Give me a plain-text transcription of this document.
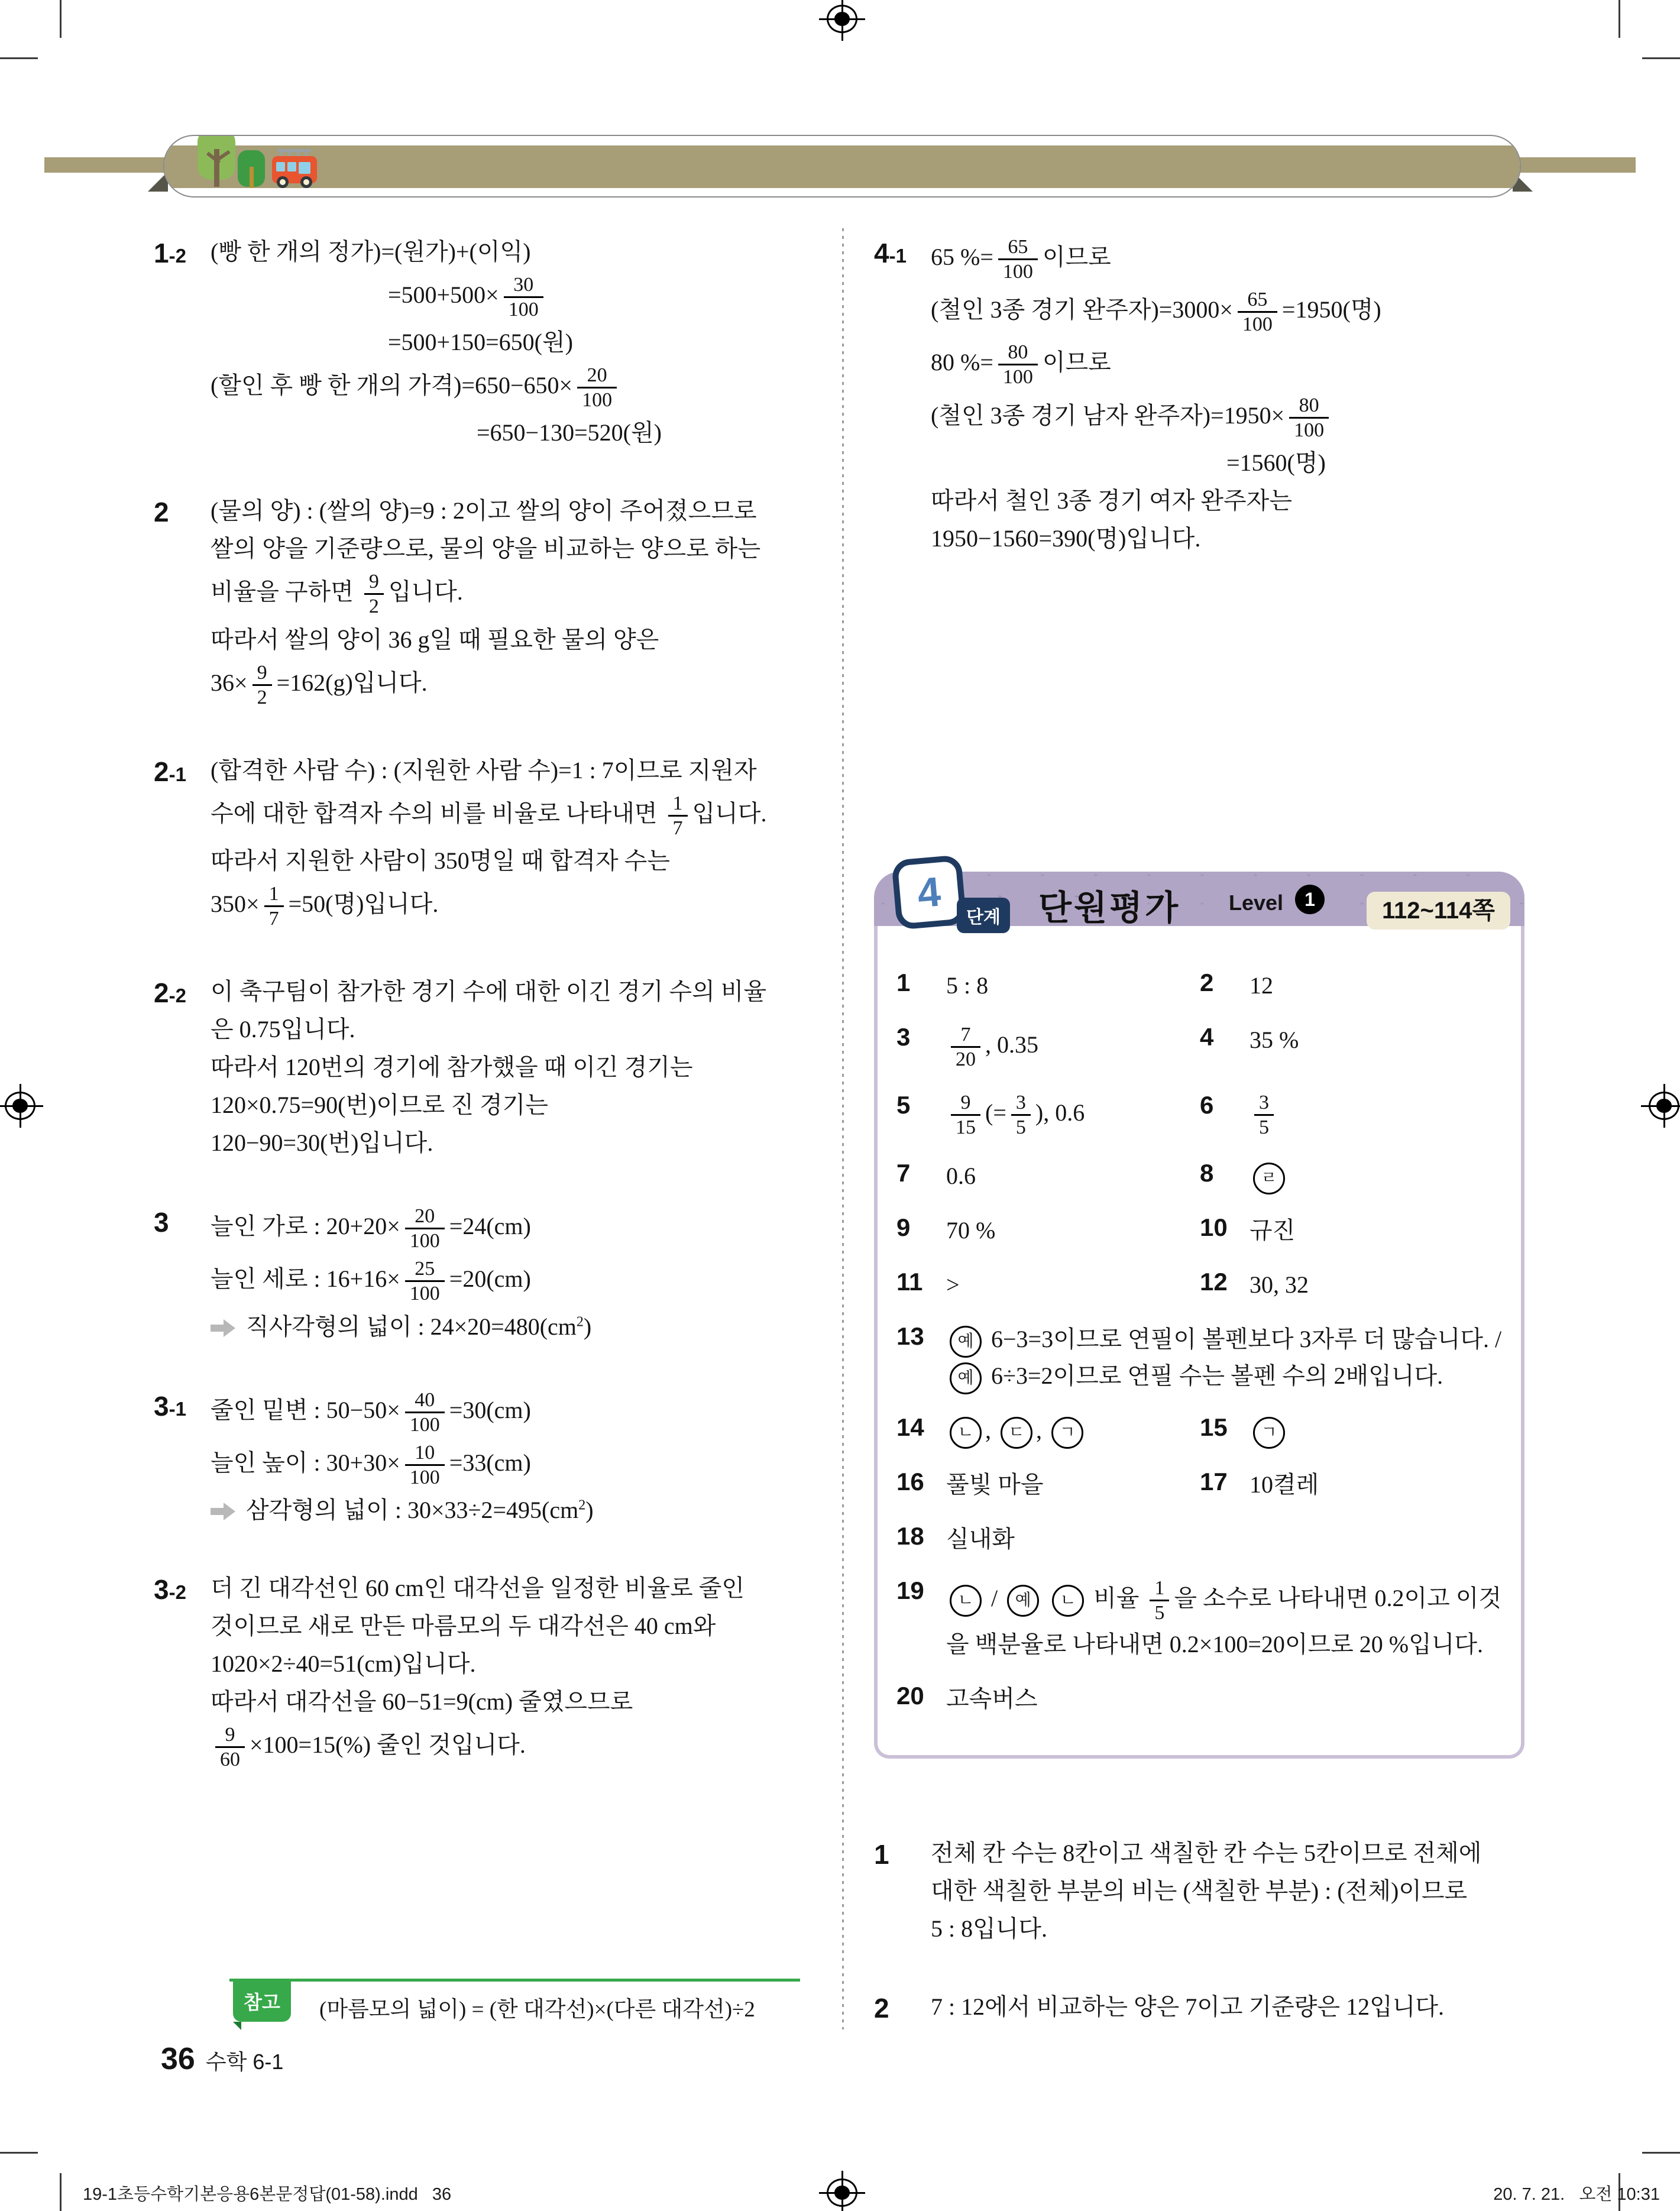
1-2	(빵 한 개의 정가)=(원가)+(이익)
$=500+500\times \frac{30}{100}$
=500+150=650(원)
(할인 후 빵 한 개의 가격)$=650-650\times \frac{20}{100}$
=650−130=520(원)
2	(물의 양) : (쌀의 양)=9 : 2이고 쌀의 양이 주어졌으므로
쌀의 양을 기준량으로, 물의 양을 비교하는 양으로 하는
비율을 구하면 $\frac{9}{2}$ 입니다.
따라서 쌀의 양이 36 g일 때 필요한 물의 양은
$36\times \frac{9}{2} =162(g)$입니다.
2-1	(합격한 사람 수) : (지원한 사람 수)=1 : 7이므로 지원자
수에 대한 합격자 수의 비를 비율로 나타내면 $\frac{1}{7}$ 입니다.
따라서 지원한 사람이 350명일 때 합격자 수는
$350\times \frac{1}{7} =50$(명)입니다.
2-2	이 축구팀이 참가한 경기 수에 대한 이긴 경기 수의 비율
은 0.75입니다.
따라서 120번의 경기에 참가했을 때 이긴 경기는
120×0.75=90(번)이므로 진 경기는
120−90=30(번)입니다.
3	늘인 가로 : $20+20\times \frac{20}{100} =24(cm)$
늘인 세로 : $16+16\times \frac{25}{100} =20(cm)$
직사각형의 넓이 : $24\times 20=480(cm^2)$
3-1	줄인 밑변 : $50-50\times \frac{40}{100} =30(cm)$
늘인 높이 : $30+30\times \frac{10}{100} =33(cm)$
삼각형의 넓이 : $30\times 33\div 2=495(cm^2)$
3-2	더 긴 대각선인 60 cm인 대각선을 일정한 비율로 줄인
것이므로 새로 만든 마름모의 두 대각선은 40 cm와
1020×2÷40=51(cm)입니다.
따라서 대각선을 60−51=9(cm) 줄였으므로
$\frac{9}{60} \times 100=15(\%)$ 줄인 것입니다.
4-1	65 %= $\frac{65}{100}$ 이므로
(철인 3종 경기 완주자)$=3000\times \frac{65}{100} =1950$(명)
80 %= $\frac{80}{100}$ 이므로
(철인 3종 경기 남자 완주자)$=1950\times \frac{80}{100}$
=1560(명)
따라서 철인 3종 경기 여자 완주자는
1950−1560=390(명)입니다.
4
단계 단원평가 Level	1	112~114쪽
1	5 : 8	2	12
3	$\frac{7}{20}$ , 0.35	4	35 %
5	$\frac{9}{15}$ (= $\frac{3}{5}$ ), 0.6	6	$\frac{3}{5}$
7	0.6	8	ㄹ
9	70 %	10 규진
11 >	12 30, 32
13	예 6−3=3이므로 연필이 볼펜보다 3자루 더 많습니다. / 예 6÷3=2이므로 연필 수는 볼펜 수의 2배입니다.
14	ㄴ , ㄷ , ㄱ	15	ㄱ
16 풀빛 마을	17 10켤레
18 실내화
19	ㄴ / 예 ㄴ 비율 $\frac{1}{5}$ 을 소수로 나타내면 0.2이고 이것을 백분율로 나타내면 0.2×100=20이므로 20 %입니다.
20 고속버스
1	전체 칸 수는 8칸이고 색칠한 칸 수는 5칸이므로 전체에
대한 색칠한 부분의 비는 (색칠한 부분) : (전체)이므로
5 : 8입니다.
2	7 : 12에서 비교하는 양은 7이고 기준량은 12입니다.
참고	(마름모의 넓이) = (한 대각선)×(다른 대각선)÷2
36 수학 6-1
19-1초등수학기본응용6본문정답(01-58).indd   36	20. 7. 21.   오전 10:31
